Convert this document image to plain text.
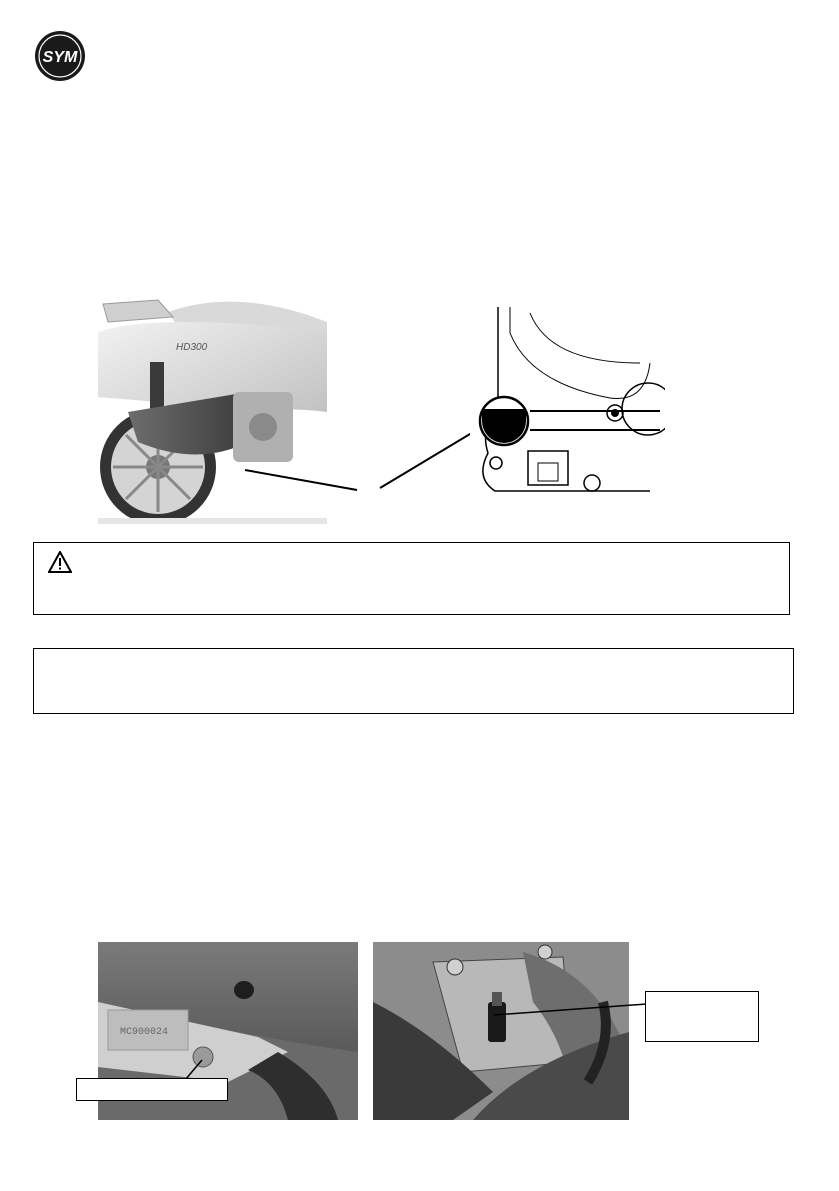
SYM
HD300
MC900024
